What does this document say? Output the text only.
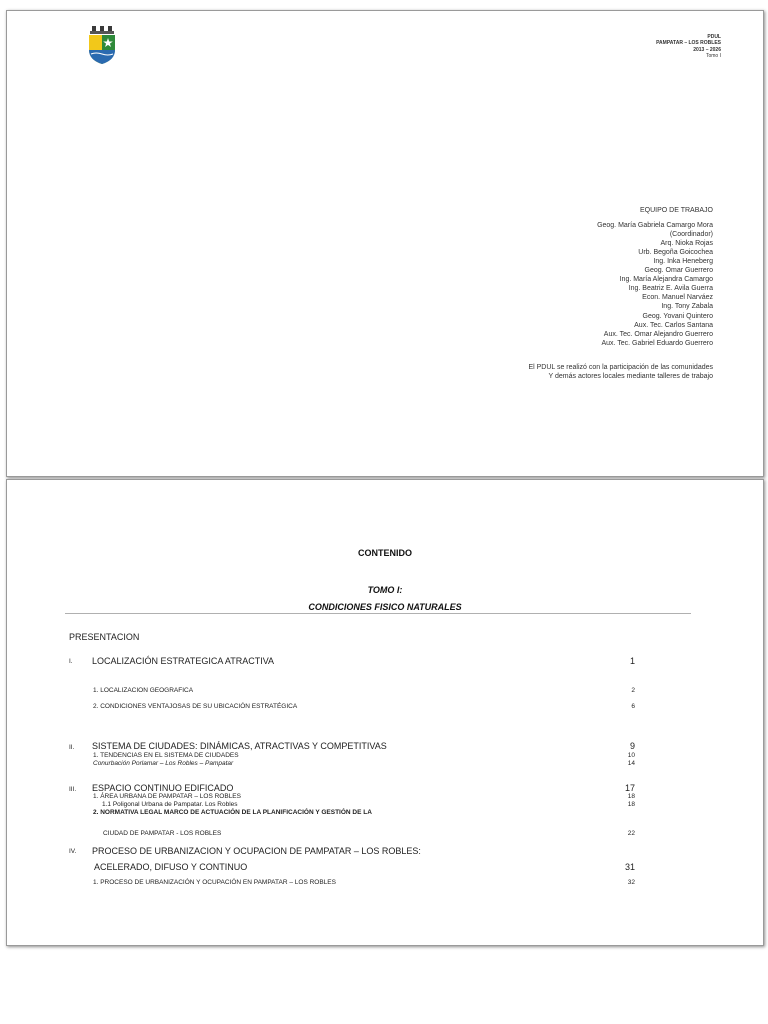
PDUL
PAMPATAR – LOS ROBLES
2013 – 2026
Tomo I
EQUIPO DE TRABAJO
Geog. María Gabriela Camargo Mora
(Coordinador)
Arq. Nioka Rojas
Urb. Begoña Goicochea
Ing. Inka Heneberg
Geog. Omar Guerrero
Ing. María Alejandra Camargo
Ing. Beatriz E. Avila Guerra
Econ. Manuel Narváez
Ing. Tony Zabala
Geog. Yovani Quintero
Aux. Tec. Carlos Santana
Aux. Tec. Omar Alejandro Guerrero
Aux. Tec. Gabriel Eduardo Guerrero
El PDUL se realizó con la participación de las comunidades
Y demás actores locales mediante talleres de trabajo
CONTENIDO
TOMO I:
CONDICIONES FISICO NATURALES
PRESENTACION
I. LOCALIZACIÓN ESTRATEGICA ATRACTIVA	1
1. LOCALIZACION GEOGRAFICA	2
2. CONDICIONES VENTAJOSAS DE SU UBICACIÓN ESTRATÉGICA	6
II. SISTEMA DE CIUDADES: DINÁMICAS, ATRACTIVAS Y COMPETITIVAS	9
1. TENDENCIAS EN EL SISTEMA DE CIUDADES	10
Conurbación Porlamar – Los Robles – Pampatar	14
III. ESPACIO CONTINUO EDIFICADO	17
1. ÁREA URBANA DE PAMPATAR – LOS ROBLES	18
1.1 Poligonal Urbana de Pampatar. Los Robles	18
2. NORMATIVA LEGAL MARCO DE ACTUACIÓN DE LA PLANIFICACIÓN Y GESTIÓN DE LA
CIUDAD DE PAMPATAR - LOS ROBLES	22
IV. PROCESO DE URBANIZACION Y OCUPACION DE PAMPATAR – LOS ROBLES:
ACELERADO, DIFUSO Y CONTINUO	31
1. PROCESO DE URBANIZACIÓN Y OCUPACIÓN EN PAMPATAR – LOS ROBLES	32
